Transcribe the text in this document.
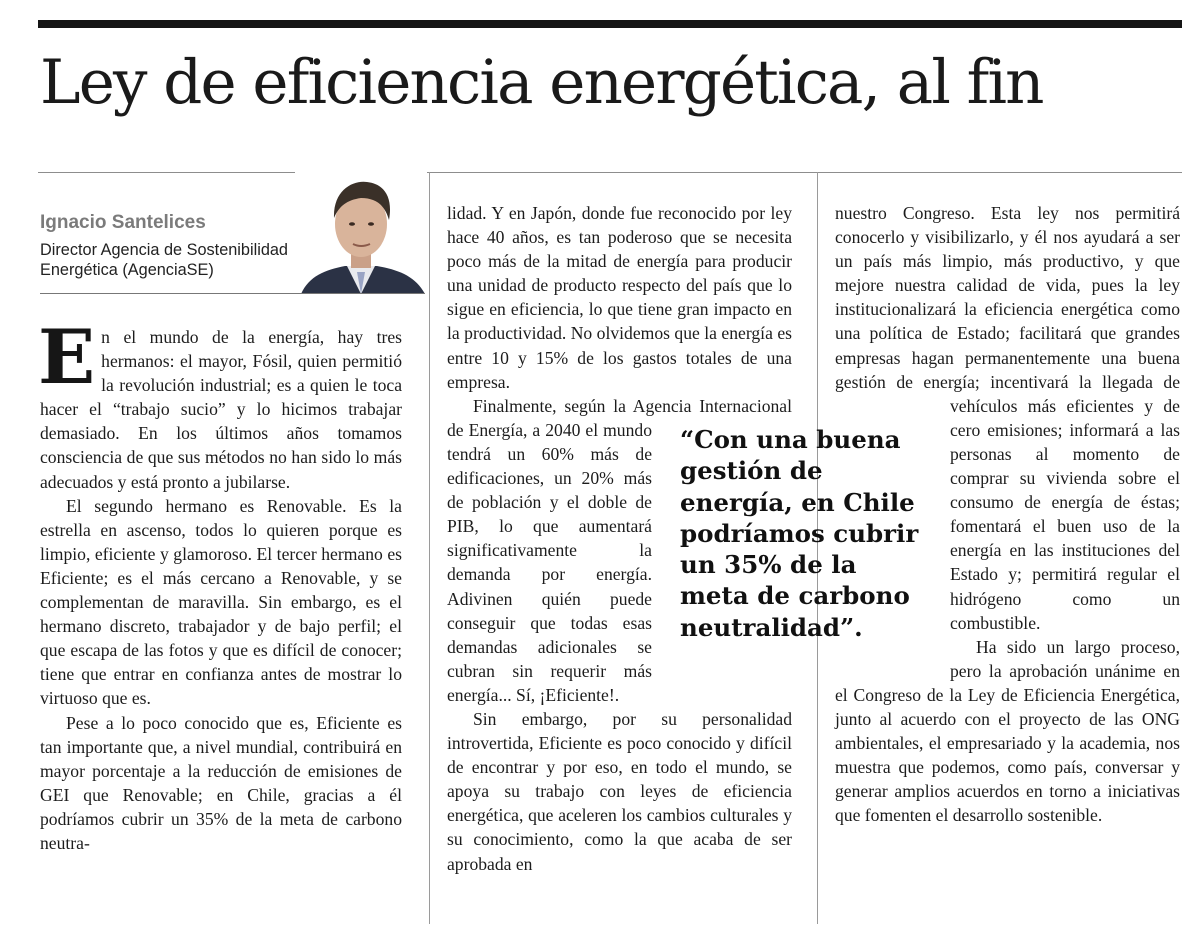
Ley de eficiencia energética, al fin
Ignacio Santelices
Director Agencia de Sostenibilidad Energética (AgenciaSE)

En el mundo de la energía, hay tres hermanos: el mayor, Fósil, quien permitió la revolución industrial; es a quien le toca hacer el “trabajo sucio” y lo hicimos trabajar demasiado. En los últimos años tomamos consciencia de que sus métodos no han sido lo más adecuados y está pronto a jubilarse.

El segundo hermano es Renovable. Es la estrella en ascenso, todos lo quieren porque es limpio, eficiente y glamoroso. El tercer hermano es Eficiente; es el más cercano a Renovable, y se complementan de maravilla. Sin embargo, es el hermano discreto, trabajador y de bajo perfil; el que escapa de las fotos y que es difícil de conocer; tiene que entrar en confianza antes de mostrar lo virtuoso que es.

Pese a lo poco conocido que es, Eficiente es tan importante que, a nivel mundial, contribuirá en mayor porcentaje a la reducción de emisiones de GEI que Renovable; en Chile, gracias a él podríamos cubrir un 35% de la meta de carbono neutra-

lidad. Y en Japón, donde fue reconocido por ley hace 40 años, es tan poderoso que se necesita poco más de la mitad de energía para producir una unidad de producto respecto del país que lo sigue en eficiencia, lo que tiene gran impacto en la productividad. No olvidemos que la energía es entre 10 y 15% de los gastos totales de una empresa.

Finalmente, según la Agencia Internacional de Energía, a 2040 el mundo tendrá un 60% más de edificaciones, un 20% más de población y el doble de PIB, lo que aumentará significativamente la demanda por energía. Adivinen quién puede conseguir que todas esas demandas adicionales se cubran sin requerir más energía... Sí, ¡Eficiente!.

Sin embargo, por su personalidad introvertida, Eficiente es poco conocido y difícil de encontrar y por eso, en todo el mundo, se apoya su trabajo con leyes de eficiencia energética, que aceleren los cambios culturales y su conocimiento, como la que acaba de ser aprobada en

nuestro Congreso. Esta ley nos permitirá conocerlo y visibilizarlo, y él nos ayudará a ser un país más limpio, más productivo, y que mejore nuestra calidad de vida, pues la ley institucionalizará la eficiencia energética como una política de Estado; facilitará que grandes empresas hagan permanentemente una buena gestión de energía; incentivará la llegada de vehículos más eficientes y de cero emisiones; informará a las personas al momento de comprar su vivienda sobre el consumo de energía de éstas; fomentará el buen uso de la energía en las instituciones del Estado y; permitirá regular el hidrógeno como un combustible.

Ha sido un largo proceso, pero la aprobación unánime en el Congreso de la Ley de Eficiencia Energética, junto al acuerdo con el proyecto de las ONG ambientales, el empresariado y la academia, nos muestra que podemos, como país, conversar y generar amplios acuerdos en torno a iniciativas que fomenten el desarrollo sostenible.

“Con una buena gestión de energía, en Chile podríamos cubrir un 35% de la meta de carbono neutralidad”.
